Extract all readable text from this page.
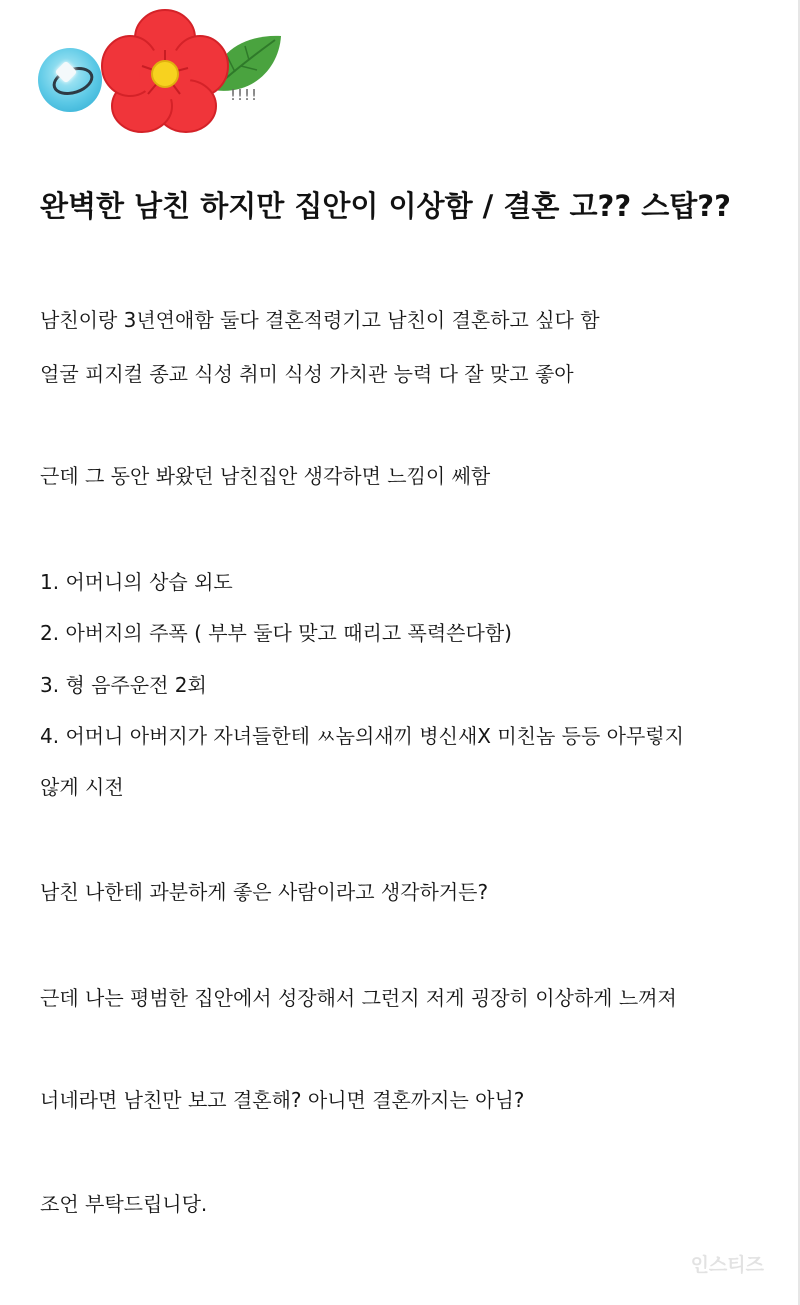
!!!!
완벽한 남친 하지만 집안이 이상함 / 결혼 고?? 스탑??

남친이랑 3년연애함 둘다 결혼적령기고 남친이 결혼하고 싶다 함

얼굴 피지컬 종교 식성 취미 식성 가치관 능력 다 잘 맞고 좋아

근데 그 동안 봐왔던 남친집안 생각하면 느낌이 쎄함

1. 어머니의 상습 외도

2. 아버지의 주폭 ( 부부 둘다 맞고 때리고 폭력쓴다함)

3. 형 음주운전 2회

4. 어머니 아버지가 자녀들한테 ㅆ놈의새끼 병신새X 미친놈 등등 아무렇지

않게 시전

남친 나한테 과분하게 좋은 사람이라고 생각하거든?

근데 나는 평범한 집안에서 성장해서 그런지 저게 굉장히 이상하게 느껴져

너네라면 남친만 보고 결혼해? 아니면 결혼까지는 아님?

조언 부탁드립니당.

인스티즈
